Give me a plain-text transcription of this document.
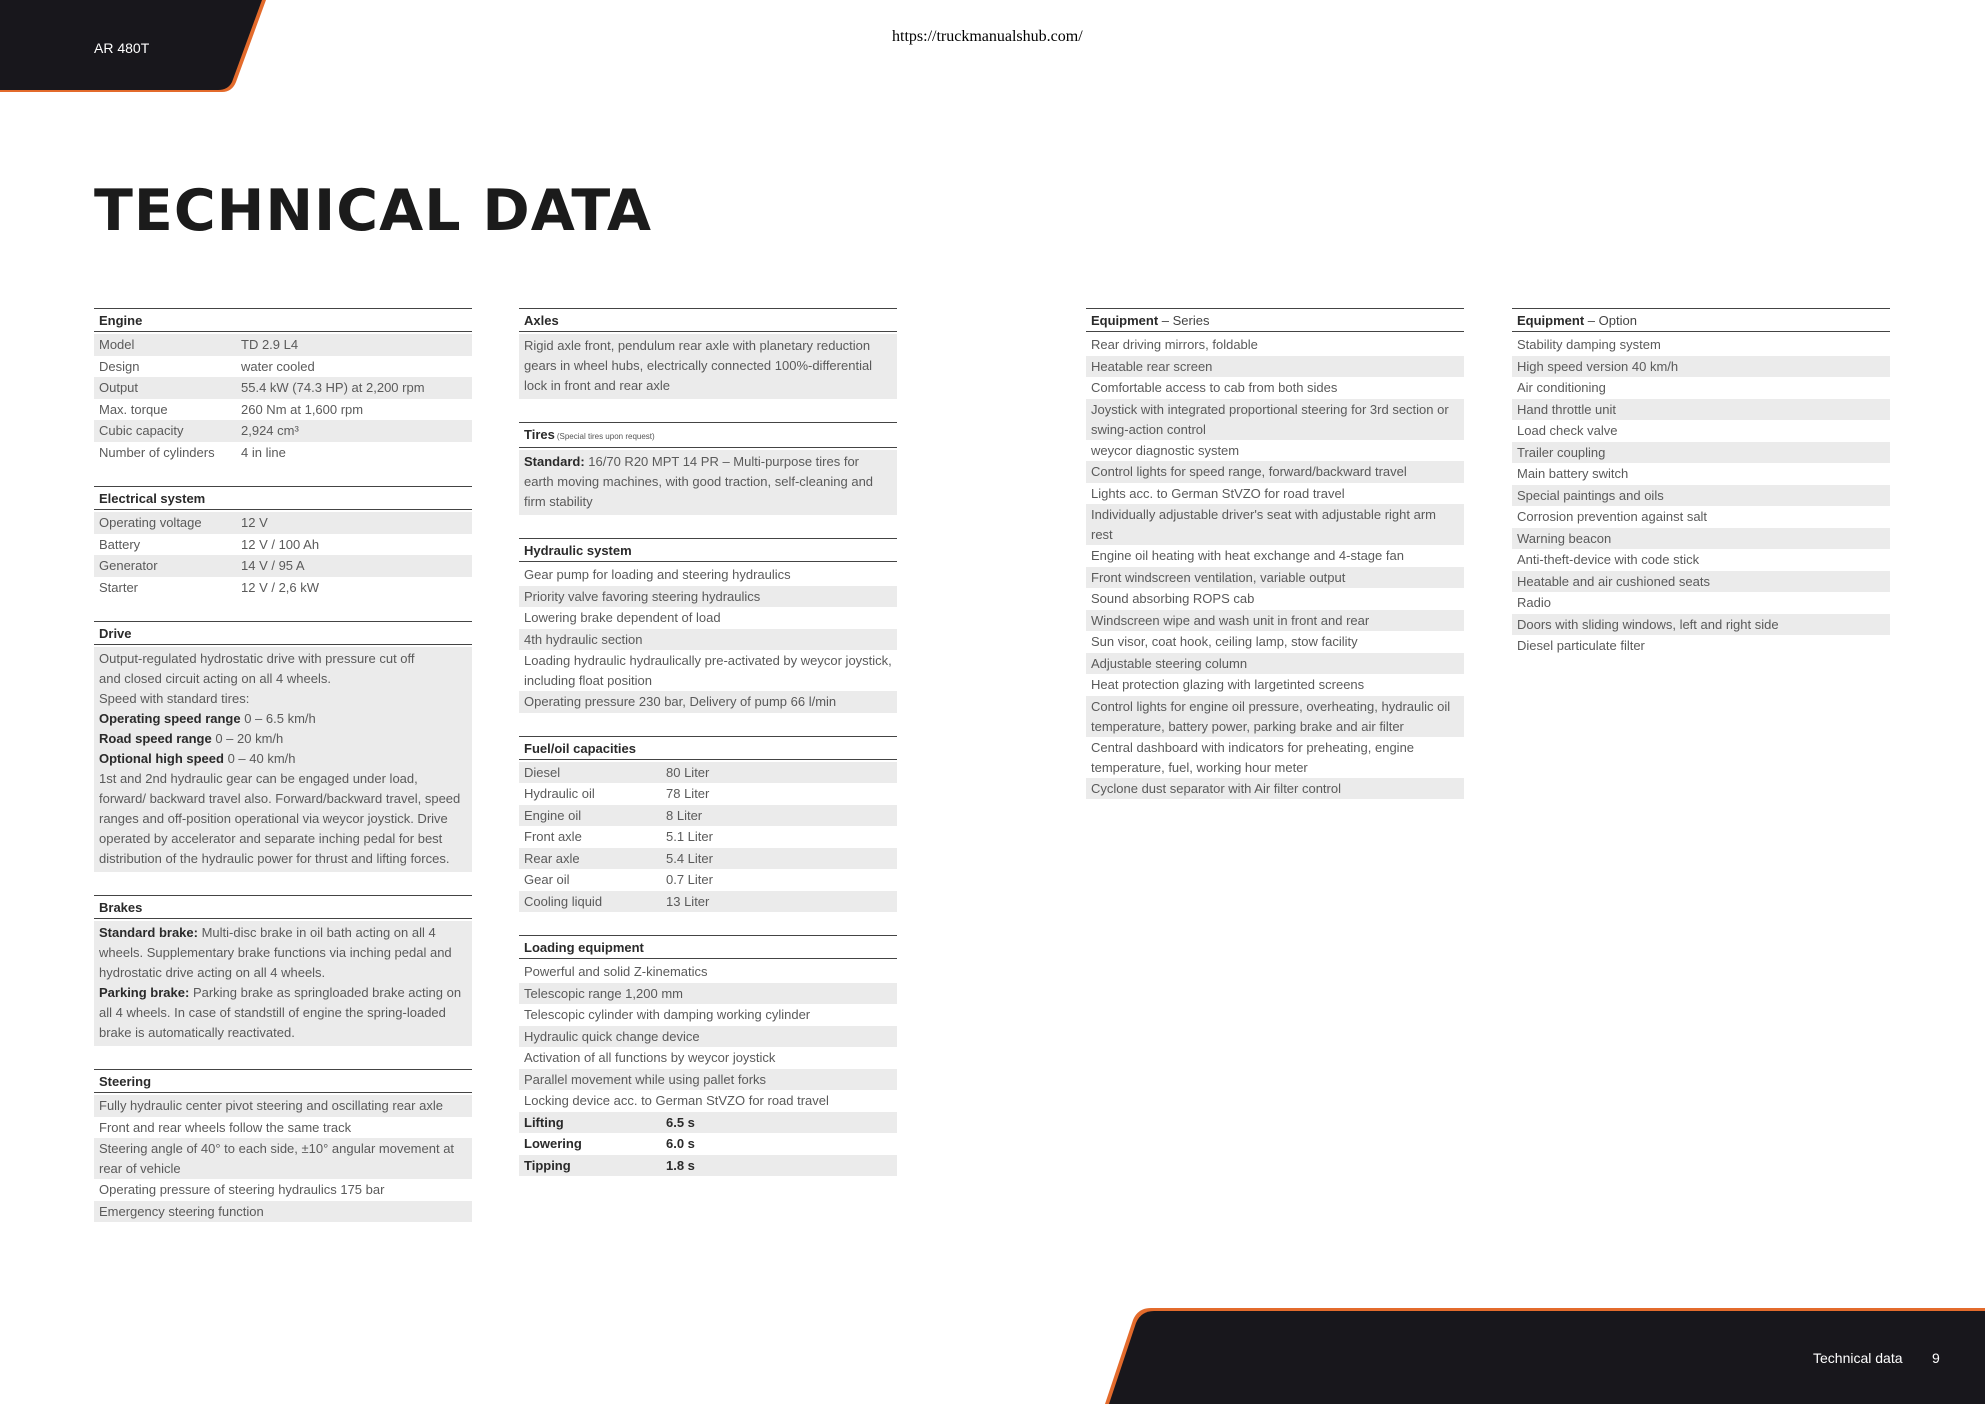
AR 480T
https://truckmanualshub.com/
TECHNICAL DATA
Engine
Model	TD 2.9 L4
Design	water cooled
Output	55.4 kW (74.3 HP) at 2,200 rpm
Max. torque	260 Nm at 1,600 rpm
Cubic capacity	2,924 cm³
Number of cylinders	4 in line
Electrical system
Operating voltage	12 V
Battery	12 V / 100 Ah
Generator	14 V / 95 A
Starter	12 V / 2,6 kW
Drive
Output-regulated hydrostatic drive with pressure cut off
and closed circuit acting on all 4 wheels.
Speed with standard tires:
Operating speed range 0 – 6.5 km/h
Road speed range 0 – 20 km/h
Optional high speed 0 – 40 km/h
1st and 2nd hydraulic gear can be engaged under load, forward/ backward travel also. Forward/backward travel, speed ranges and off-position operational via weycor joystick. Drive operated by accelerator and separate inching pedal for best distribution of the hydraulic power for thrust and lifting forces.
Brakes
Standard brake: Multi-disc brake in oil bath acting on all 4 wheels. Supplementary brake functions via inching pedal and hydrostatic drive acting on all 4 wheels.
Parking brake: Parking brake as springloaded brake acting on all 4 wheels. In case of standstill of engine the spring-loaded brake is automatically reactivated.
Steering
Fully hydraulic center pivot steering and oscillating rear axle
Front and rear wheels follow the same track
Steering angle of 40° to each side, ±10° angular movement at rear of vehicle
Operating pressure of steering hydraulics 175 bar
Emergency steering function
Axles
Rigid axle front, pendulum rear axle with planetary reduction gears in wheel hubs, electrically connected 100%-differential lock in front and rear axle
Tires (Special tires upon request)
Standard: 16/70 R20 MPT 14 PR – Multi-purpose tires for earth moving machines, with good traction, self-cleaning and firm stability
Hydraulic system
Gear pump for loading and steering hydraulics
Priority valve favoring steering hydraulics
Lowering brake dependent of load
4th hydraulic section
Loading hydraulic hydraulically pre-activated by weycor joystick, including float position
Operating pressure 230 bar, Delivery of pump 66 l/min
Fuel/oil capacities
Diesel	80 Liter
Hydraulic oil	78 Liter
Engine oil	8 Liter
Front axle	5.1 Liter
Rear axle	5.4 Liter
Gear oil	0.7 Liter
Cooling liquid	13 Liter
Loading equipment
Powerful and solid Z-kinematics
Telescopic range 1,200 mm
Telescopic cylinder with damping working cylinder
Hydraulic quick change device
Activation of all functions by weycor joystick
Parallel movement while using pallet forks
Locking device acc. to German StVZO for road travel
Lifting	6.5 s
Lowering	6.0 s
Tipping	1.8 s
Equipment – Series
Rear driving mirrors, foldable
Heatable rear screen
Comfortable access to cab from both sides
Joystick with integrated proportional steering for 3rd section or swing-action control
weycor diagnostic system
Control lights for speed range, forward/backward travel
Lights acc. to German StVZO for road travel
Individually adjustable driver's seat with adjustable right arm rest
Engine oil heating with heat exchange and 4-stage fan
Front windscreen ventilation, variable output
Sound absorbing ROPS cab
Windscreen wipe and wash unit in front and rear
Sun visor, coat hook, ceiling lamp, stow facility
Adjustable steering column
Heat protection glazing with largetinted screens
Control lights for engine oil pressure, overheating, hydraulic oil temperature, battery power, parking brake and air filter
Central dashboard with indicators for preheating, engine temperature, fuel, working hour meter
Cyclone dust separator with Air filter control
Equipment – Option
Stability damping system
High speed version 40 km/h
Air conditioning
Hand throttle unit
Load check valve
Trailer coupling
Main battery switch
Special paintings and oils
Corrosion prevention against salt
Warning beacon
Anti-theft-device with code stick
Heatable and air cushioned seats
Radio
Doors with sliding windows, left and right side
Diesel particulate filter
Technical data 9
